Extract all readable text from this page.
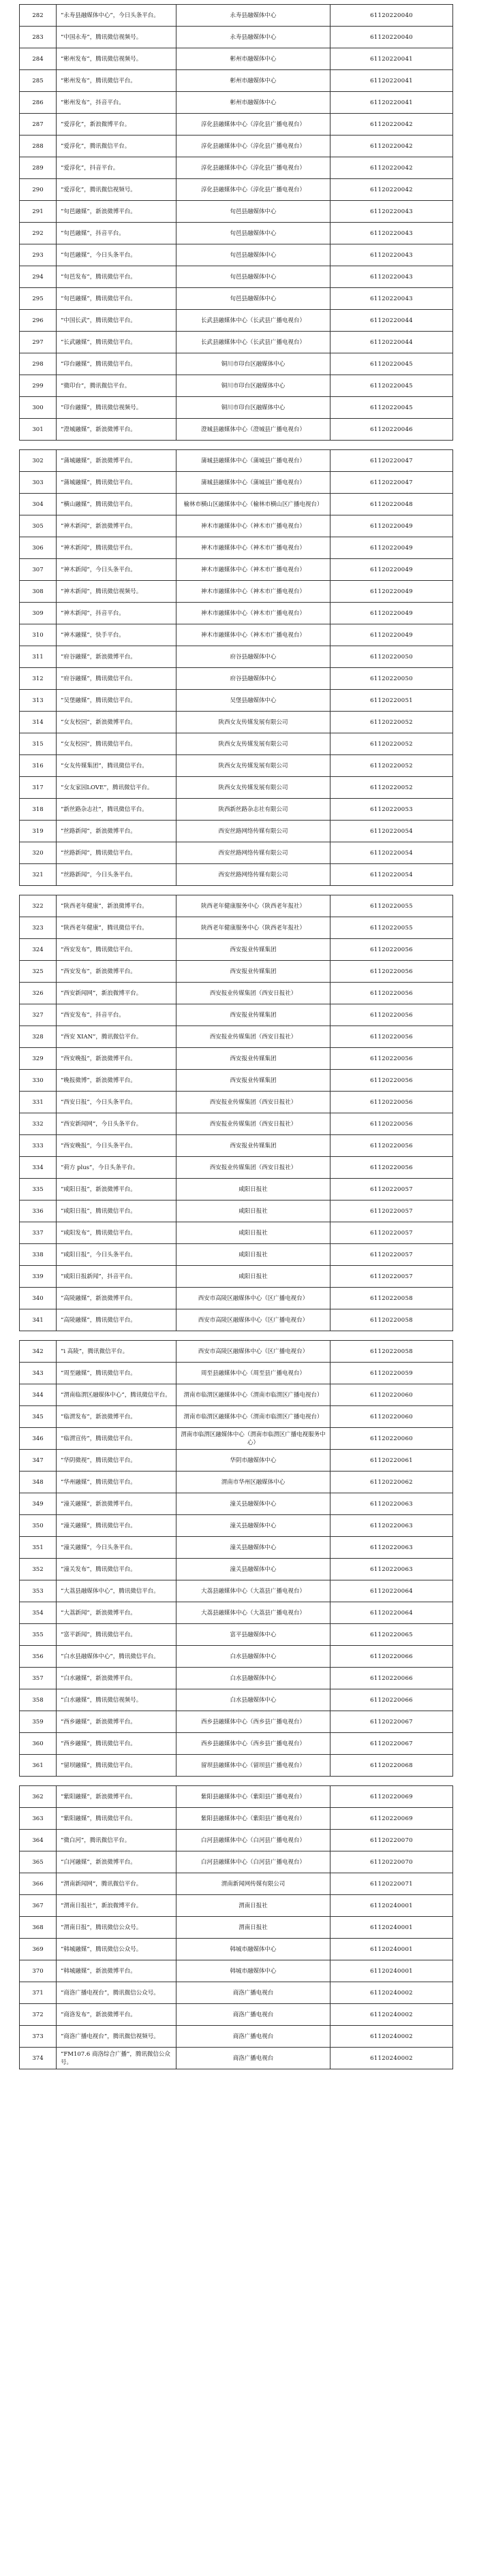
282	“永寿县融媒体中心”，今日头条平台。	永寿县融媒体中心	61120220040
283	“中国永寿”，腾讯微信视频号。	永寿县融媒体中心	61120220040
284	“彬州发布”，腾讯微信视频号。	彬州市融媒体中心	61120220041
285	“彬州发布”，腾讯微信平台。	彬州市融媒体中心	61120220041
286	“彬州发布”，抖音平台。	彬州市融媒体中心	61120220041
287	“爱淳化”，新浪微博平台。	淳化县融媒体中心（淳化县广播电视台）	61120220042
288	“爱淳化”，腾讯微信平台。	淳化县融媒体中心（淳化县广播电视台）	61120220042
289	“爱淳化”，抖音平台。	淳化县融媒体中心（淳化县广播电视台）	61120220042
290	“爱淳化”，腾讯微信视频号。	淳化县融媒体中心（淳化县广播电视台）	61120220042
291	“旬邑融媒”，新浪微博平台。	旬邑县融媒体中心	61120220043
292	“旬邑融媒”，抖音平台。	旬邑县融媒体中心	61120220043
293	“旬邑融媒”，今日头条平台。	旬邑县融媒体中心	61120220043
294	“旬邑发布”，腾讯微信平台。	旬邑县融媒体中心	61120220043
295	“旬邑融媒”，腾讯微信平台。	旬邑县融媒体中心	61120220043
296	“中国长武”，腾讯微信平台。	长武县融媒体中心（长武县广播电视台）	61120220044
297	“长武融媒”，腾讯微信平台。	长武县融媒体中心（长武县广播电视台）	61120220044
298	“印台融媒”，腾讯微信平台。	铜川市印台区融媒体中心	61120220045
299	“微印台”，腾讯微信平台。	铜川市印台区融媒体中心	61120220045
300	“印台融媒”，腾讯微信视频号。	铜川市印台区融媒体中心	61120220045
301	“澄城融媒”，新浪微博平台。	澄城县融媒体中心（澄城县广播电视台）	61120220046

302	“蒲城融媒”，新浪微博平台。	蒲城县融媒体中心（蒲城县广播电视台）	61120220047
303	“蒲城融媒”，腾讯微信平台。	蒲城县融媒体中心（蒲城县广播电视台）	61120220047
304	“横山融媒”，腾讯微信平台。	榆林市横山区融媒体中心（榆林市横山区广播电视台）	61120220048
305	“神木新闻”，新浪微博平台。	神木市融媒体中心（神木市广播电视台）	61120220049
306	“神木新闻”，腾讯微信平台。	神木市融媒体中心（神木市广播电视台）	61120220049
307	“神木新闻”，今日头条平台。	神木市融媒体中心（神木市广播电视台）	61120220049
308	“神木新闻”，腾讯微信视频号。	神木市融媒体中心（神木市广播电视台）	61120220049
309	“神木新闻”，抖音平台。	神木市融媒体中心（神木市广播电视台）	61120220049
310	“神木融媒”，快手平台。	神木市融媒体中心（神木市广播电视台）	61120220049
311	“府谷融媒”，新浪微博平台。	府谷县融媒体中心	61120220050
312	“府谷融媒”，腾讯微信平台。	府谷县融媒体中心	61120220050
313	“吴堡融媒”，腾讯微信平台。	吴堡县融媒体中心	61120220051
314	“女友校园”，新浪微博平台。	陕西女友传媒发展有限公司	61120220052
315	“女友校园”，腾讯微信平台。	陕西女友传媒发展有限公司	61120220052
316	“女友传媒集团”，腾讯微信平台。	陕西女友传媒发展有限公司	61120220052
317	“女友家园LOVE”，腾讯微信平台。	陕西女友传媒发展有限公司	61120220052
318	“新丝路杂志社”，腾讯微信平台。	陕西新丝路杂志社有限公司	61120220053
319	“丝路新闻”，新浪微博平台。	西安丝路网络传媒有限公司	61120220054
320	“丝路新闻”，腾讯微信平台。	西安丝路网络传媒有限公司	61120220054
321	“丝路新闻”，今日头条平台。	西安丝路网络传媒有限公司	61120220054

322	“陕西老年健康”，新浪微博平台。	陕西老年健康服务中心（陕西老年报社）	61120220055
323	“陕西老年健康”，腾讯微信平台。	陕西老年健康服务中心（陕西老年报社）	61120220055
324	“西安发布”，腾讯微信平台。	西安报业传媒集团	61120220056
325	“西安发布”，新浪微博平台。	西安报业传媒集团	61120220056
326	“西安新闻网”，新浪微博平台。	西安报业传媒集团（西安日报社）	61120220056
327	“西安发布”，抖音平台。	西安报业传媒集团	61120220056
328	“西安 XIAN”，腾讯微信平台。	西安报业传媒集团（西安日报社）	61120220056
329	“西安晚报”，新浪微博平台。	西安报业传媒集团	61120220056
330	“晚报微博”，新浪微博平台。	西安报业传媒集团	61120220056
331	“西安日报”，今日头条平台。	西安报业传媒集团（西安日报社）	61120220056
332	“西安新闻网”，今日头条平台。	西安报业传媒集团（西安日报社）	61120220056
333	“西安晚报”，今日头条平台。	西安报业传媒集团	61120220056
334	“荷方 plus”，今日头条平台。	西安报业传媒集团（西安日报社）	61120220056
335	“咸阳日报”，新浪微博平台。	咸阳日报社	61120220057
336	“咸阳日报”，腾讯微信平台。	咸阳日报社	61120220057
337	“咸阳发布”，腾讯微信平台。	咸阳日报社	61120220057
338	“咸阳日报”，今日头条平台。	咸阳日报社	61120220057
339	“咸阳日报新闻”，抖音平台。	咸阳日报社	61120220057
340	“高陵融媒”，新浪微博平台。	西安市高陵区融媒体中心（区广播电视台）	61120220058
341	“高陵融媒”，腾讯微信平台。	西安市高陵区融媒体中心（区广播电视台）	61120220058

342	“i 高陵”，腾讯微信平台。	西安市高陵区融媒体中心（区广播电视台）	61120220058
343	“周至融媒”，腾讯微信平台。	周至县融媒体中心（周至县广播电视台）	61120220059
344	“渭南临渭区融媒体中心”，腾讯微信平台。	渭南市临渭区融媒体中心（渭南市临渭区广播电视台）	61120220060
345	“临渭发布”，新浪微博平台。	渭南市临渭区融媒体中心（渭南市临渭区广播电视台）	61120220060
346	“临渭宣传”，腾讯微信平台。	渭南市临渭区融媒体中心（渭南市临渭区广播电视服务中心）	61120220060
347	“华阴微视”，腾讯微信平台。	华阴市融媒体中心	61120220061
348	“华州融媒”，腾讯微信平台。	渭南市华州区融媒体中心	61120220062
349	“潼关融媒”，新浪微博平台。	潼关县融媒体中心	61120220063
350	“潼关融媒”，腾讯微信平台。	潼关县融媒体中心	61120220063
351	“潼关融媒”，今日头条平台。	潼关县融媒体中心	61120220063
352	“潼关发布”，腾讯微信平台。	潼关县融媒体中心	61120220063
353	“大荔县融媒体中心”，腾讯微信平台。	大荔县融媒体中心（大荔县广播电视台）	61120220064
354	“大荔新闻”，新浪微博平台。	大荔县融媒体中心（大荔县广播电视台）	61120220064
355	“富平新闻”，腾讯微信平台。	富平县融媒体中心	61120220065
356	“白水县融媒体中心”，腾讯微信平台。	白水县融媒体中心	61120220066
357	“白水融媒”，新浪微博平台。	白水县融媒体中心	61120220066
358	“白水融媒”，腾讯微信视频号。	白水县融媒体中心	61120220066
359	“西乡融媒”，新浪微博平台。	西乡县融媒体中心（西乡县广播电视台）	61120220067
360	“西乡融媒”，腾讯微信平台。	西乡县融媒体中心（西乡县广播电视台）	61120220067
361	“留坝融媒”，腾讯微信平台。	留坝县融媒体中心（留坝县广播电视台）	61120220068

362	“紫阳融媒”，新浪微博平台。	紫阳县融媒体中心（紫阳县广播电视台）	61120220069
363	“紫阳融媒”，腾讯微信平台。	紫阳县融媒体中心（紫阳县广播电视台）	61120220069
364	“微白河”，腾讯微信平台。	白河县融媒体中心（白河县广播电视台）	61120220070
365	“白河融媒”，新浪微博平台。	白河县融媒体中心（白河县广播电视台）	61120220070
366	“渭南新闻网”，腾讯微信平台。	渭南新闻网传媒有限公司	61120220071
367	“渭南日报社”，新浪微博平台。	渭南日报社	61120240001
368	“渭南日报”，腾讯微信公众号。	渭南日报社	61120240001
369	“韩城融媒”，腾讯微信公众号。	韩城市融媒体中心	61120240001
370	“韩城融媒”，新浪微博平台。	韩城市融媒体中心	61120240001
371	“商洛广播电视台”，腾讯微信公众号。	商洛广播电视台	61120240002
372	“商洛发布”，新浪微博平台。	商洛广播电视台	61120240002
373	“商洛广播电视台”，腾讯微信视频号。	商洛广播电视台	61120240002
374	“FM107.6 商洛综合广播”，腾讯微信公众号。	商洛广播电视台	61120240002
